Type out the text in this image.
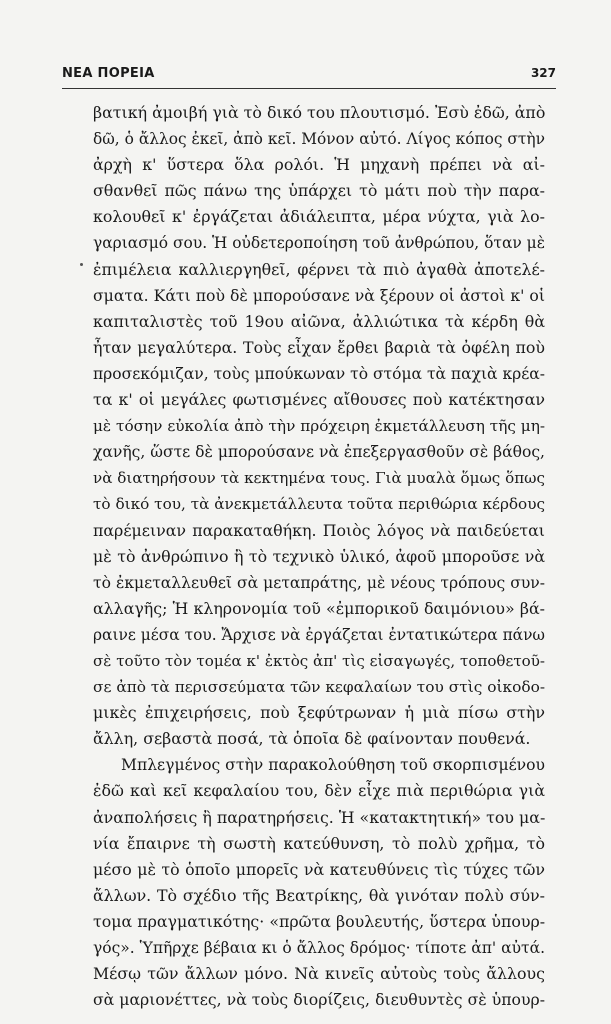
ΝΕΑ ΠΟΡΕΙΑ	327
βατική ἀμοιβή γιὰ τὸ δικό του πλουτισμό. Ἐσὺ ἐδῶ, ἀπὸ
δῶ, ὁ ἄλλος ἐκεῖ, ἀπὸ κεῖ. Μόνον αὐτό. Λίγος κόπος στὴν
ἀρχὴ κ' ὕστερα ὅλα ρολόι. Ἡ μηχανὴ πρέπει νὰ αἰ-
σθανθεῖ πῶς πάνω της ὑπάρχει τὸ μάτι ποὺ τὴν παρα-
κολουθεῖ κ' ἐργάζεται ἀδιάλειπτα, μέρα νύχτα, γιὰ λο-
γαριασμό σου. Ἡ οὐδετεροποίηση τοῦ ἀνθρώπου, ὅταν μὲ
ἐπιμέλεια καλλιεργηθεῖ, φέρνει τὰ πιὸ ἀγαθὰ ἀποτελέ-
σματα. Κάτι ποὺ δὲ μπορούσανε νὰ ξέρουν οἱ ἀστοὶ κ' οἱ
καπιταλιστὲς τοῦ 19ου αἰῶνα, ἀλλιώτικα τὰ κέρδη θὰ
ἦταν μεγαλύτερα. Τοὺς εἶχαν ἔρθει βαριὰ τὰ ὀφέλη ποὺ
προσεκόμιζαν, τοὺς μπούκωναν τὸ στόμα τὰ παχιὰ κρέα-
τα κ' οἱ μεγάλες φωτισμένες αἴθουσες ποὺ κατέκτησαν
μὲ τόσην εὐκολία ἀπὸ τὴν πρόχειρη ἐκμετάλλευση τῆς μη-
χανῆς, ὥστε δὲ μπορούσανε νὰ ἐπεξεργασθοῦν σὲ βάθος,
νὰ διατηρήσουν τὰ κεκτημένα τους. Γιὰ μυαλὰ ὅμως ὅπως
τὸ δικό του, τὰ ἀνεκμετάλλευτα τοῦτα περιθώρια κέρδους
παρέμειναν παρακαταθήκη. Ποιὸς λόγος νὰ παιδεύεται
μὲ τὸ ἀνθρώπινο ἢ τὸ τεχνικὸ ὑλικό, ἀφοῦ μποροῦσε νὰ
τὸ ἐκμεταλλευθεῖ σὰ μεταπράτης, μὲ νέους τρόπους συν-
αλλαγῆς; Ἡ κληρονομία τοῦ «ἐμπορικοῦ δαιμόνιου» βά-
ραινε μέσα του. Ἄρχισε νὰ ἐργάζεται ἐντατικώτερα πάνω
σὲ τοῦτο τὸν τομέα κ' ἐκτὸς ἀπ' τὶς εἰσαγωγές, τοποθετοῦ-
σε ἀπὸ τὰ περισσεύματα τῶν κεφαλαίων του στὶς οἰκοδο-
μικὲς ἐπιχειρήσεις, ποὺ ξεφύτρωναν ἡ μιὰ πίσω στὴν
ἄλλη, σεβαστὰ ποσά, τὰ ὁποῖα δὲ φαίνονταν πουθενά.
Μπλεγμένος στὴν παρακολούθηση τοῦ σκορπισμένου
ἐδῶ καὶ κεῖ κεφαλαίου του, δὲν εἶχε πιὰ περιθώρια γιὰ
ἀναπολήσεις ἢ παρατηρήσεις. Ἡ «κατακτητική» του μα-
νία ἔπαιρνε τὴ σωστὴ κατεύθυνση, τὸ πολὺ χρῆμα, τὸ
μέσο μὲ τὸ ὁποῖο μπορεῖς νὰ κατευθύνεις τὶς τύχες τῶν
ἄλλων. Τὸ σχέδιο τῆς Βεατρίκης, θὰ γινόταν πολὺ σύν-
τομα πραγματικότης· «πρῶτα βουλευτής, ὕστερα ὑπουρ-
γός». Ὑπῆρχε βέβαια κι ὁ ἄλλος δρόμος· τίποτε ἀπ' αὐτά.
Μέσῳ τῶν ἄλλων μόνο. Νὰ κινεῖς αὐτοὺς τοὺς ἄλλους
σὰ μαριονέττες, νὰ τοὺς διορίζεις, διευθυντὲς σὲ ὑπουρ-
